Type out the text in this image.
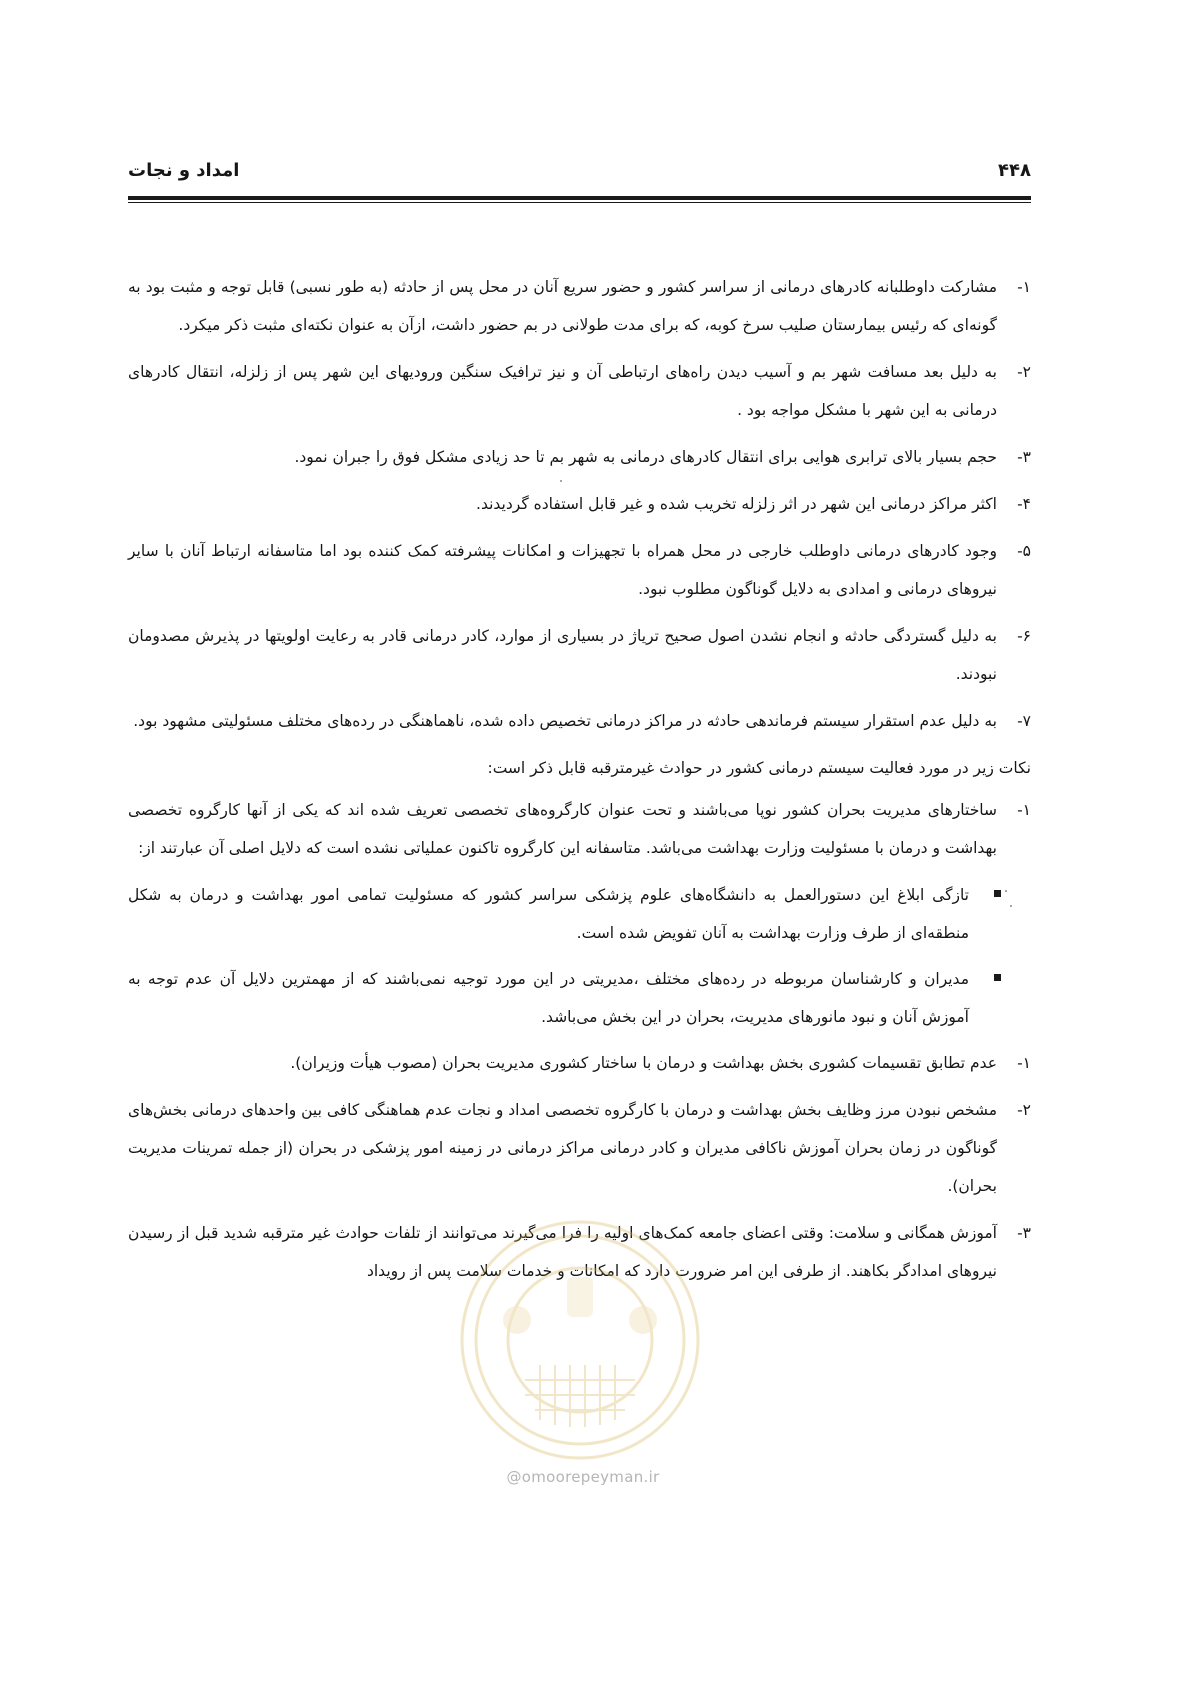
۴۴۸
امداد و نجات
۱-
مشارکت داوطلبانه کادرهای درمانی از سراسر کشور و حضور سریع آنان در محل پس از حادثه (به طور نسبی) قابل توجه و مثبت بود به گونه‌ای که رئیس بیمارستان صلیب سرخ کوبه، که برای مدت طولانی در بم حضور داشت، ازآن به عنوان نکته‌ای مثبت ذکر میکرد.
۲-
به دلیل بعد مسافت شهر بم و آسیب دیدن راه‌های ارتباطی آن و نیز ترافیک سنگین ورودیهای این شهر پس از زلزله، انتقال کادرهای درمانی به این شهر با مشکل مواجه بود .
۳-
حجم بسیار بالای ترابری هوایی برای انتقال کادرهای درمانی به شهر بم تا حد زیادی مشکل فوق را جبران نمود.
۴-
اکثر مراکز درمانی این شهر در اثر زلزله تخریب شده و غیر قابل استفاده گردیدند.
۵-
وجود کادرهای درمانی داوطلب خارجی در محل همراه با تجهیزات و امکانات پیشرفته کمک کننده بود اما متاسفانه ارتباط آنان با سایر نیروهای درمانی و امدادی به دلایل گوناگون مطلوب نبود.
۶-
به دلیل گستردگی حادثه و انجام نشدن اصول صحیح تریاژ در بسیاری از موارد، کادر درمانی قادر به رعایت اولویتها در پذیرش مصدومان نبودند.
۷-
به دلیل عدم استقرار سیستم فرماندهی حادثه در مراکز درمانی تخصیص داده شده، ناهماهنگی در رده‌های مختلف مسئولیتی مشهود بود.

نکات زیر در مورد فعالیت سیستم درمانی کشور در حوادث غیرمترقبه قابل ذکر است:

۱-
ساختارهای مدیریت بحران کشور نوپا می‌باشند و تحت عنوان کارگروه‌های تخصصی تعریف شده اند که یکی از آنها کارگروه تخصصی بهداشت و درمان با مسئولیت وزارت بهداشت می‌باشد. متاسفانه این کارگروه تاکنون عملیاتی نشده است که دلایل اصلی آن عبارتند از:
تازگی ابلاغ این دستورالعمل به دانشگاه‌های علوم پزشکی سراسر کشور که مسئولیت تمامی امور بهداشت و درمان به شکل منطقه‌ای از طرف وزارت بهداشت به آنان تفویض شده است.
مدیران و کارشناسان مربوطه در رده‌های مختلف ،مدیریتی در این مورد توجیه نمی‌باشند که از مهمترین دلایل آن عدم توجه به آموزش آنان و نبود مانورهای مدیریت، بحران در این بخش می‌باشد.
۱-
عدم تطابق تقسیمات کشوری بخش بهداشت و درمان با ساختار کشوری مدیریت بحران (مصوب هیأت وزیران).
۲-
مشخص نبودن مرز وظایف بخش بهداشت و درمان با کارگروه تخصصی امداد و نجات عدم هماهنگی کافی بین واحدهای درمانی بخش‌های گوناگون در زمان بحران آموزش ناکافی مدیران و کادر درمانی مراکز درمانی در زمینه امور پزشکی در بحران (از جمله تمرینات مدیریت بحران).
۳-
آموزش همگانی و سلامت: وقتی اعضای جامعه کمک‌های اولیه را فرا می‌گیرند می‌توانند از تلفات حوادث غیر مترقبه شدید قبل از رسیدن نیروهای امدادگر بکاهند. از طرفی این امر ضرورت دارد که امکانات و خدمات سلامت پس از رویداد
@omoorepeyman.ir
